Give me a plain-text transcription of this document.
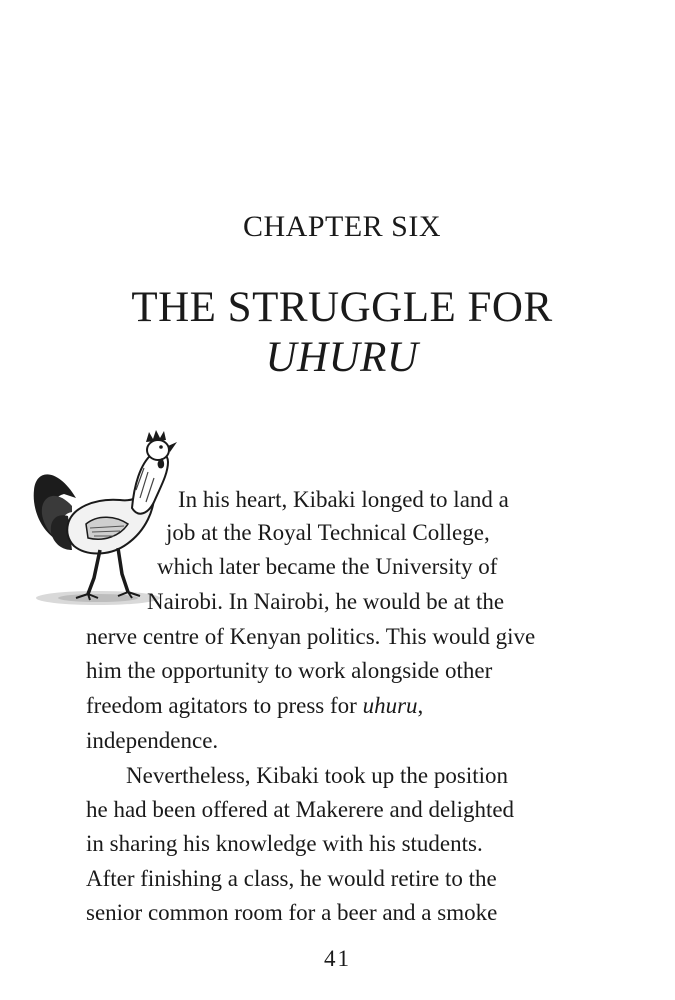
CHAPTER SIX
THE STRUGGLE FOR
UHURU
In his heart, Kibaki longed to land a
job at the Royal Technical College,
which later became the University of
Nairobi. In Nairobi, he would be at the
nerve centre of Kenyan politics. This would give
him the opportunity to work alongside other
freedom agitators to press for uhuru,
independence.
Nevertheless, Kibaki took up the position
he had been offered at Makerere and delighted
in sharing his knowledge with his students.
After finishing a class, he would retire to the
senior common room for a beer and a smoke
41
